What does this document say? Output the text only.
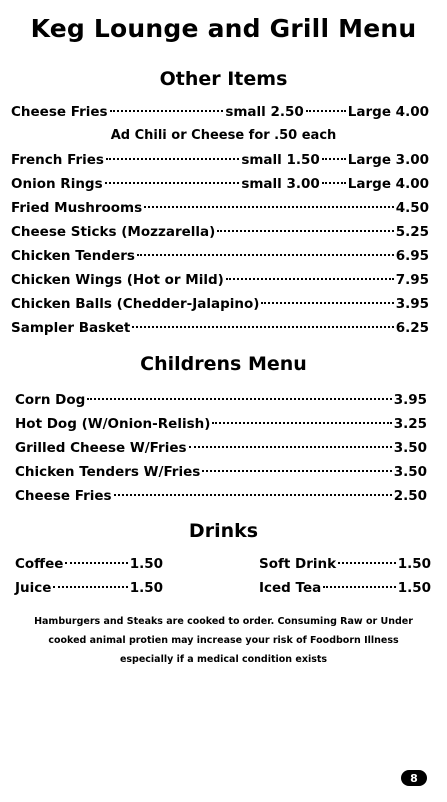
Keg Lounge and Grill Menu
Other Items
Cheese Fries	small 2.50	Large 4.00
Ad Chili or Cheese for .50 each
French Fries	small 1.50 Large 3.00
Onion Rings	small 3.00 Large 4.00
Fried Mushrooms	4.50
Cheese Sticks (Mozzarella)	5.25
Chicken Tenders	6.95
Chicken Wings (Hot or Mild)	7.95
Chicken Balls (Chedder-Jalapino)	3.95
Sampler Basket	6.25
Childrens Menu
Corn Dog	3.95
Hot Dog (W/Onion-Relish)	3.25
Grilled Cheese W/Fries	3.50
Chicken Tenders W/Fries	3.50
Cheese Fries	2.50
Drinks
Coffee	1.50	Soft Drink	1.50
Juice	1.50	Iced Tea	1.50
Hamburgers and Steaks are cooked to order. Consuming Raw or Under
cooked animal protien may increase your risk of Foodborn Illness
especially if a medical condition exists
8
